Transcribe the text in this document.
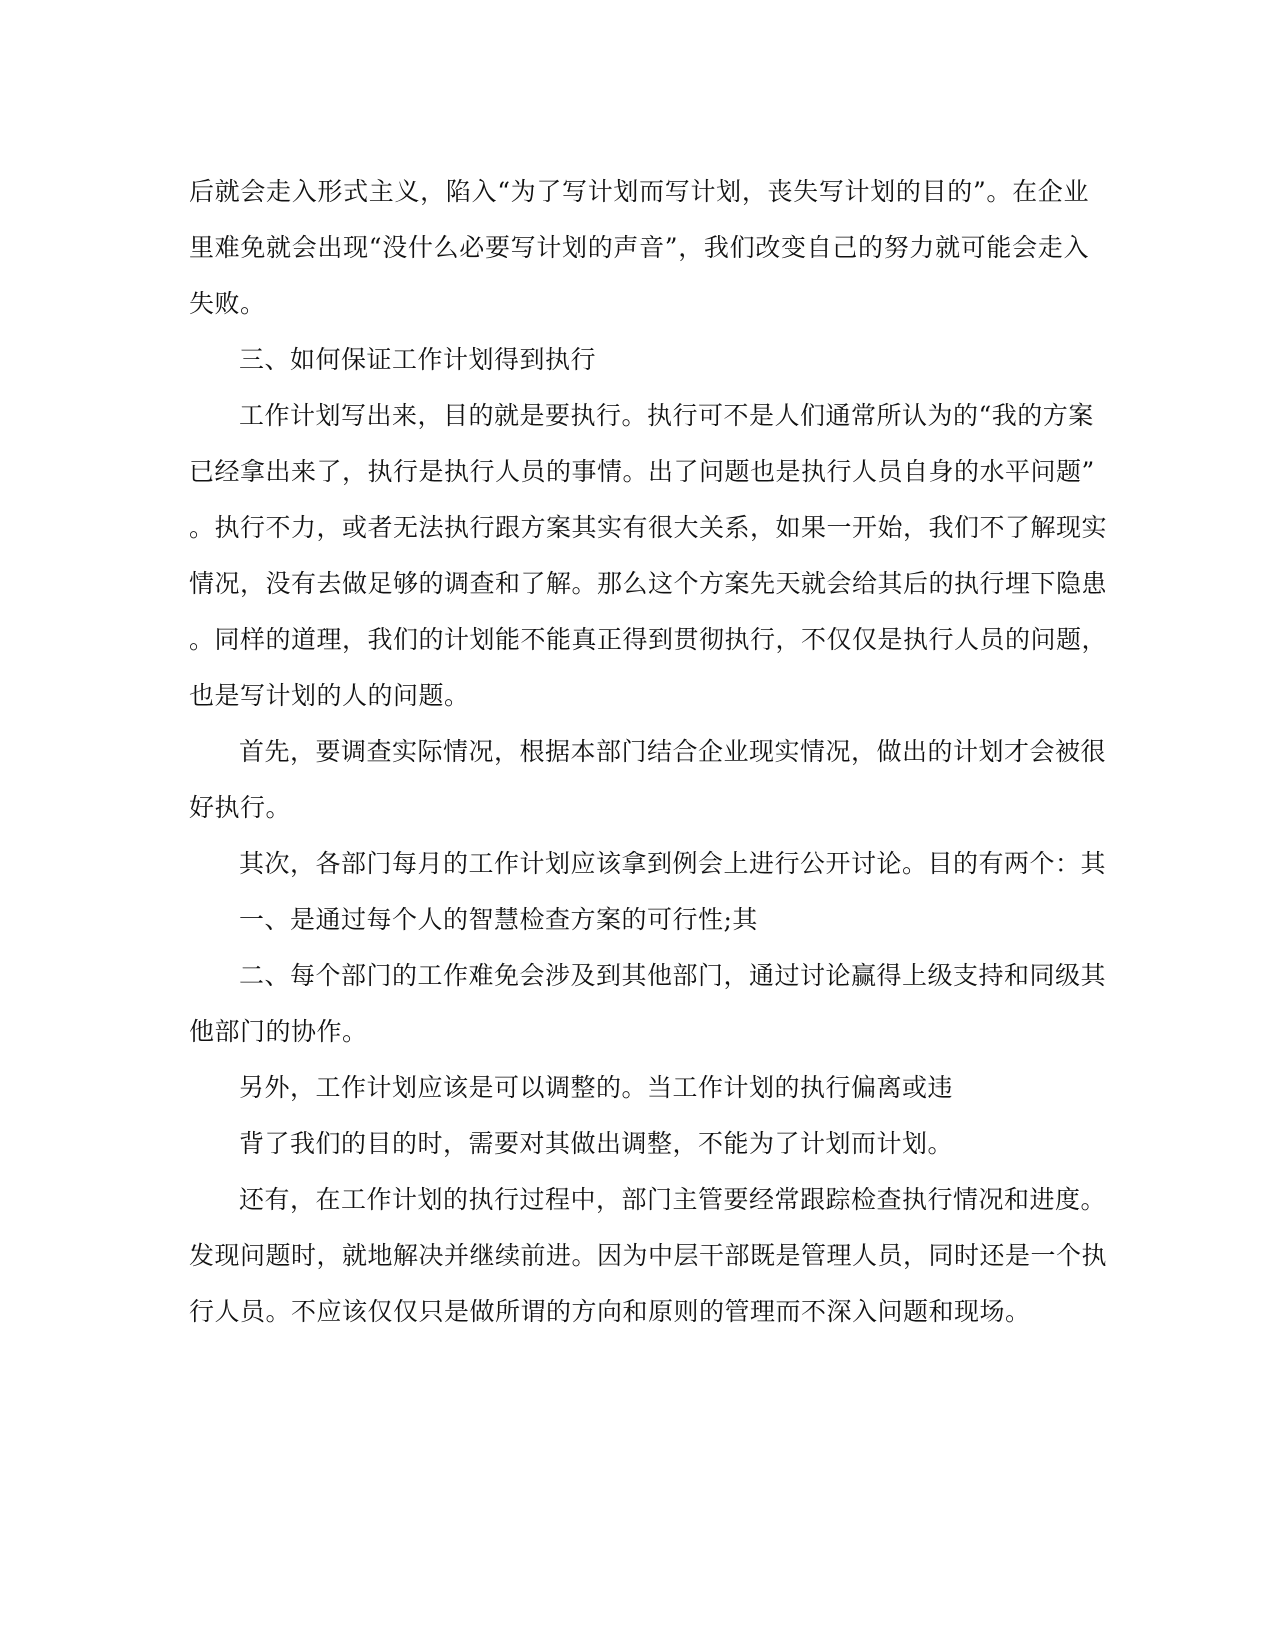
后就会走入形式主义，陷入“为了写计划而写计划，丧失写计划的目的”。在企业
里难免就会出现“没什么必要写计划的声音”，我们改变自己的努力就可能会走入
失败。
三、如何保证工作计划得到执行
工作计划写出来，目的就是要执行。执行可不是人们通常所认为的“我的方案
已经拿出来了，执行是执行人员的事情。出了问题也是执行人员自身的水平问题”
。执行不力，或者无法执行跟方案其实有很大关系，如果一开始，我们不了解现实
情况，没有去做足够的调查和了解。那么这个方案先天就会给其后的执行埋下隐患
。同样的道理，我们的计划能不能真正得到贯彻执行，不仅仅是执行人员的问题，
也是写计划的人的问题。
首先，要调查实际情况，根据本部门结合企业现实情况，做出的计划才会被很
好执行。
其次，各部门每月的工作计划应该拿到例会上进行公开讨论。目的有两个：其
一、是通过每个人的智慧检查方案的可行性;其
二、每个部门的工作难免会涉及到其他部门，通过讨论赢得上级支持和同级其
他部门的协作。
另外，工作计划应该是可以调整的。当工作计划的执行偏离或违
背了我们的目的时，需要对其做出调整，不能为了计划而计划。
还有，在工作计划的执行过程中，部门主管要经常跟踪检查执行情况和进度。
发现问题时，就地解决并继续前进。因为中层干部既是管理人员，同时还是一个执
行人员。不应该仅仅只是做所谓的方向和原则的管理而不深入问题和现场。
